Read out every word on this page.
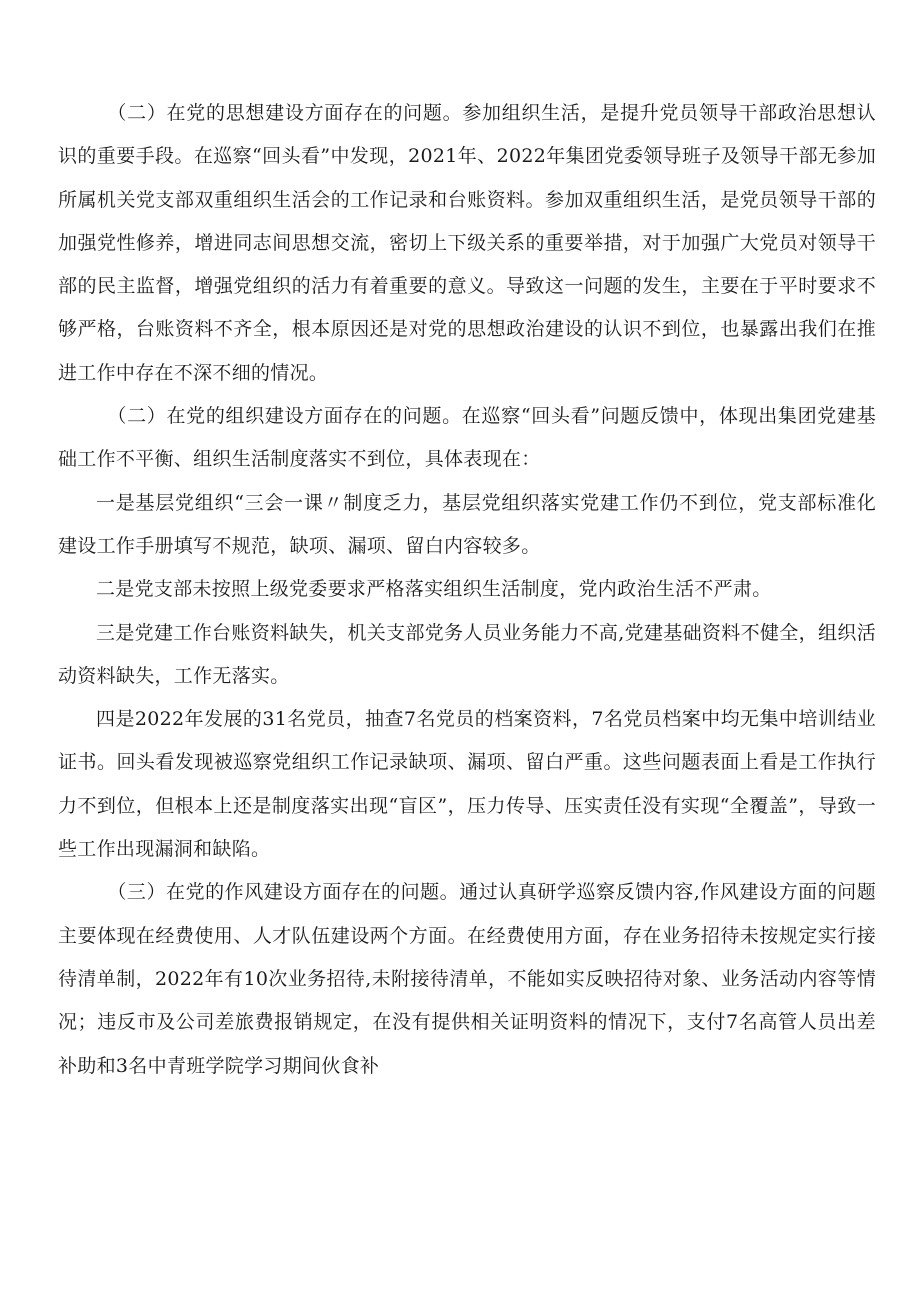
（二）在党的思想建设方面存在的问题。参加组织生活，是提升党员领导干部政治思想认识的重要手段。在巡察“回头看”中发现，2021年、2022年集团党委领导班子及领导干部无参加所属机关党支部双重组织生活会的工作记录和台账资料。参加双重组织生活，是党员领导干部的加强党性修养，增进同志间思想交流，密切上下级关系的重要举措，对于加强广大党员对领导干部的民主监督，增强党组织的活力有着重要的意义。导致这一问题的发生，主要在于平时要求不够严格，台账资料不齐全，根本原因还是对党的思想政治建设的认识不到位，也暴露出我们在推进工作中存在不深不细的情况。

（二）在党的组织建设方面存在的问题。在巡察“回头看”问题反馈中，体现出集团党建基础工作不平衡、组织生活制度落实不到位，具体表现在：

一是基层党组织“三会一课〃制度乏力，基层党组织落实党建工作仍不到位，党支部标准化建设工作手册填写不规范，缺项、漏项、留白内容较多。

二是党支部未按照上级党委要求严格落实组织生活制度，党内政治生活不严肃。

三是党建工作台账资料缺失，机关支部党务人员业务能力不高,党建基础资料不健全，组织活动资料缺失，工作无落实。

四是2022年发展的31名党员，抽查7名党员的档案资料，7名党员档案中均无集中培训结业证书。回头看发现被巡察党组织工作记录缺项、漏项、留白严重。这些问题表面上看是工作执行力不到位，但根本上还是制度落实出现“盲区”，压力传导、压实责任没有实现“全覆盖”，导致一些工作出现漏洞和缺陷。

（三）在党的作风建设方面存在的问题。通过认真研学巡察反馈内容,作风建设方面的问题主要体现在经费使用、人才队伍建设两个方面。在经费使用方面，存在业务招待未按规定实行接待清单制，2022年有10次业务招待,未附接待清单，不能如实反映招待对象、业务活动内容等情况；违反市及公司差旅费报销规定，在没有提供相关证明资料的情况下，支付7名高管人员出差补助和3名中青班学院学习期间伙食补
